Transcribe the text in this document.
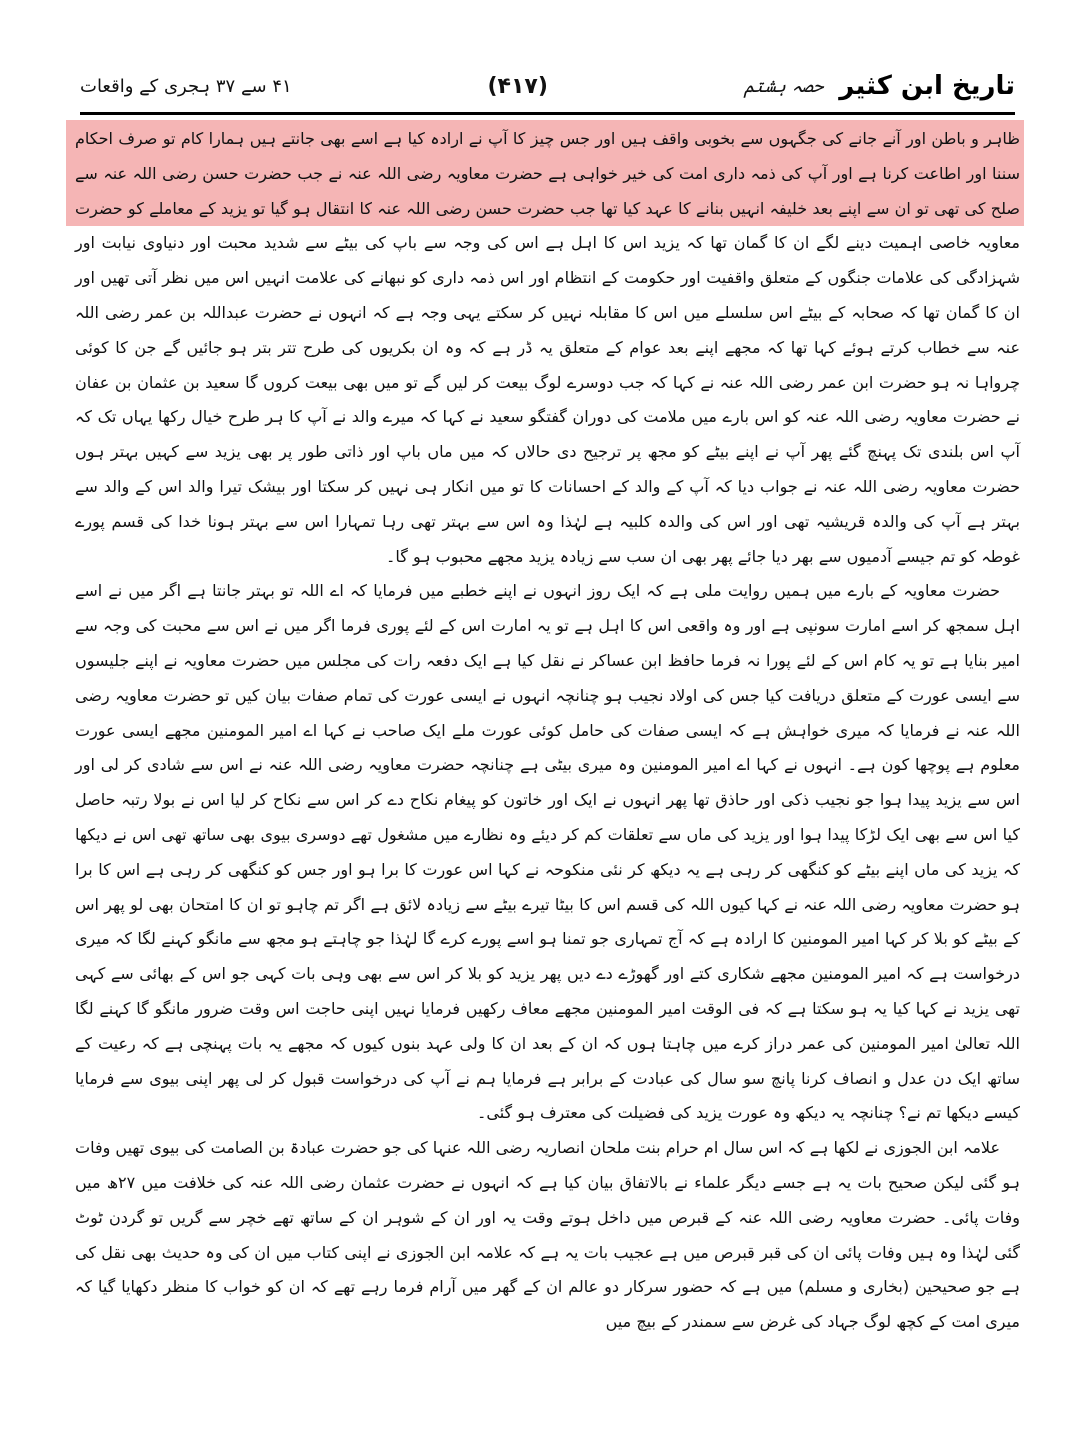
تاریخ ابن کثیر
حصہ ہشتم
(۴۱۷)
۴۱ سے ۳۷ ہجری کے واقعات

ظاہر و باطن اور آنے جانے کی جگہوں سے بخوبی واقف ہیں اور جس چیز کا آپ نے ارادہ کیا ہے اسے بھی جانتے ہیں ہمارا کام تو صرف احکام سننا اور اطاعت کرنا ہے اور آپ کی ذمہ داری امت کی خیر خواہی ہے حضرت معاویہ رضی اللہ عنہ نے جب حضرت حسن رضی اللہ عنہ سے صلح کی تھی تو ان سے اپنے بعد خلیفہ انہیں بنانے کا عہد کیا تھا جب حضرت حسن رضی اللہ عنہ کا انتقال ہو گیا تو یزید کے معاملے کو حضرت معاویہ خاصی اہمیت دینے لگے ان کا گمان تھا کہ یزید اس کا اہل ہے اس کی وجہ سے باپ کی بیٹے سے شدید محبت اور دنیاوی نیابت اور شہزادگی کی علامات جنگوں کے متعلق واقفیت اور حکومت کے انتظام اور اس ذمہ داری کو نبھانے کی علامت انہیں اس میں نظر آتی تھیں اور ان کا گمان تھا کہ صحابہ کے بیٹے اس سلسلے میں اس کا مقابلہ نہیں کر سکتے یہی وجہ ہے کہ انہوں نے حضرت عبداللہ بن عمر رضی اللہ عنہ سے خطاب کرتے ہوئے کہا تھا کہ مجھے اپنے بعد عوام کے متعلق یہ ڈر ہے کہ وہ ان بکریوں کی طرح تتر بتر ہو جائیں گے جن کا کوئی چرواہا نہ ہو حضرت ابن عمر رضی اللہ عنہ نے کہا کہ جب دوسرے لوگ بیعت کر لیں گے تو میں بھی بیعت کروں گا سعید بن عثمان بن عفان نے حضرت معاویہ رضی اللہ عنہ کو اس بارے میں ملامت کی دوران گفتگو سعید نے کہا کہ میرے والد نے آپ کا ہر طرح خیال رکھا یہاں تک کہ آپ اس بلندی تک پہنچ گئے پھر آپ نے اپنے بیٹے کو مجھ پر ترجیح دی حالاں کہ میں ماں باپ اور ذاتی طور پر بھی یزید سے کہیں بہتر ہوں حضرت معاویہ رضی اللہ عنہ نے جواب دیا کہ آپ کے والد کے احسانات کا تو میں انکار ہی نہیں کر سکتا اور بیشک تیرا والد اس کے والد سے بہتر ہے آپ کی والدہ قریشیہ تھی اور اس کی والدہ کلبیہ ہے لہٰذا وہ اس سے بہتر تھی رہا تمہارا اس سے بہتر ہونا خدا کی قسم پورے غوطہ کو تم جیسے آدمیوں سے بھر دیا جائے پھر بھی ان سب سے زیادہ یزید مجھے محبوب ہو گا۔

حضرت معاویہ کے بارے میں ہمیں روایت ملی ہے کہ ایک روز انہوں نے اپنے خطبے میں فرمایا کہ اے اللہ تو بہتر جانتا ہے اگر میں نے اسے اہل سمجھ کر اسے امارت سونپی ہے اور وہ واقعی اس کا اہل ہے تو یہ امارت اس کے لئے پوری فرما اگر میں نے اس سے محبت کی وجہ سے امیر بنایا ہے تو یہ کام اس کے لئے پورا نہ فرما حافظ ابن عساکر نے نقل کیا ہے ایک دفعہ رات کی مجلس میں حضرت معاویہ نے اپنے جلیسوں سے ایسی عورت کے متعلق دریافت کیا جس کی اولاد نجیب ہو چنانچہ انہوں نے ایسی عورت کی تمام صفات بیان کیں تو حضرت معاویہ رضی اللہ عنہ نے فرمایا کہ میری خواہش ہے کہ ایسی صفات کی حامل کوئی عورت ملے ایک صاحب نے کہا اے امیر المومنین مجھے ایسی عورت معلوم ہے پوچھا کون ہے۔ انہوں نے کہا اے امیر المومنین وہ میری بیٹی ہے چنانچہ حضرت معاویہ رضی اللہ عنہ نے اس سے شادی کر لی اور اس سے یزید پیدا ہوا جو نجیب ذکی اور حاذق تھا پھر انہوں نے ایک اور خاتون کو پیغام نکاح دے کر اس سے نکاح کر لیا اس نے بولا رتبہ حاصل کیا اس سے بھی ایک لڑکا پیدا ہوا اور یزید کی ماں سے تعلقات کم کر دیئے وہ نظارے میں مشغول تھے دوسری بیوی بھی ساتھ تھی اس نے دیکھا کہ یزید کی ماں اپنے بیٹے کو کنگھی کر رہی ہے یہ دیکھ کر نئی منکوحہ نے کہا اس عورت کا برا ہو اور جس کو کنگھی کر رہی ہے اس کا برا ہو حضرت معاویہ رضی اللہ عنہ نے کہا کیوں اللہ کی قسم اس کا بیٹا تیرے بیٹے سے زیادہ لائق ہے اگر تم چاہو تو ان کا امتحان بھی لو پھر اس کے بیٹے کو بلا کر کہا امیر المومنین کا ارادہ ہے کہ آج تمہاری جو تمنا ہو اسے پورے کرے گا لہٰذا جو چاہتے ہو مجھ سے مانگو کہنے لگا کہ میری درخواست ہے کہ امیر المومنین مجھے شکاری کتے اور گھوڑے دے دیں پھر یزید کو بلا کر اس سے بھی وہی بات کہی جو اس کے بھائی سے کہی تھی یزید نے کہا کیا یہ ہو سکتا ہے کہ فی الوقت امیر المومنین مجھے معاف رکھیں فرمایا نہیں اپنی حاجت اس وقت ضرور مانگو گا کہنے لگا اللہ تعالیٰ امیر المومنین کی عمر دراز کرے میں چاہتا ہوں کہ ان کے بعد ان کا ولی عہد بنوں کیوں کہ مجھے یہ بات پہنچی ہے کہ رعیت کے ساتھ ایک دن عدل و انصاف کرنا پانچ سو سال کی عبادت کے برابر ہے فرمایا ہم نے آپ کی درخواست قبول کر لی پھر اپنی بیوی سے فرمایا کیسے دیکھا تم نے؟ چنانچہ یہ دیکھ وہ عورت یزید کی فضیلت کی معترف ہو گئی۔

علامہ ابن الجوزی نے لکھا ہے کہ اس سال ام حرام بنت ملحان انصاریہ رضی اللہ عنہا کی جو حضرت عبادۃ بن الصامت کی بیوی تھیں وفات ہو گئی لیکن صحیح بات یہ ہے جسے دیگر علماء نے بالاتفاق بیان کیا ہے کہ انہوں نے حضرت عثمان رضی اللہ عنہ کی خلافت میں ۲۷ھ میں وفات پائی۔ حضرت معاویہ رضی اللہ عنہ کے قبرص میں داخل ہوتے وقت یہ اور ان کے شوہر ان کے ساتھ تھے خچر سے گریں تو گردن ٹوٹ گئی لہٰذا وہ ہیں وفات پائی ان کی قبر قبرص میں ہے عجیب بات یہ ہے کہ علامہ ابن الجوزی نے اپنی کتاب میں ان کی وہ حدیث بھی نقل کی ہے جو صحیحین (بخاری و مسلم) میں ہے کہ حضور سرکار دو عالم ان کے گھر میں آرام فرما رہے تھے کہ ان کو خواب کا منظر دکھایا گیا کہ میری امت کے کچھ لوگ جہاد کی غرض سے سمندر کے بیچ میں
